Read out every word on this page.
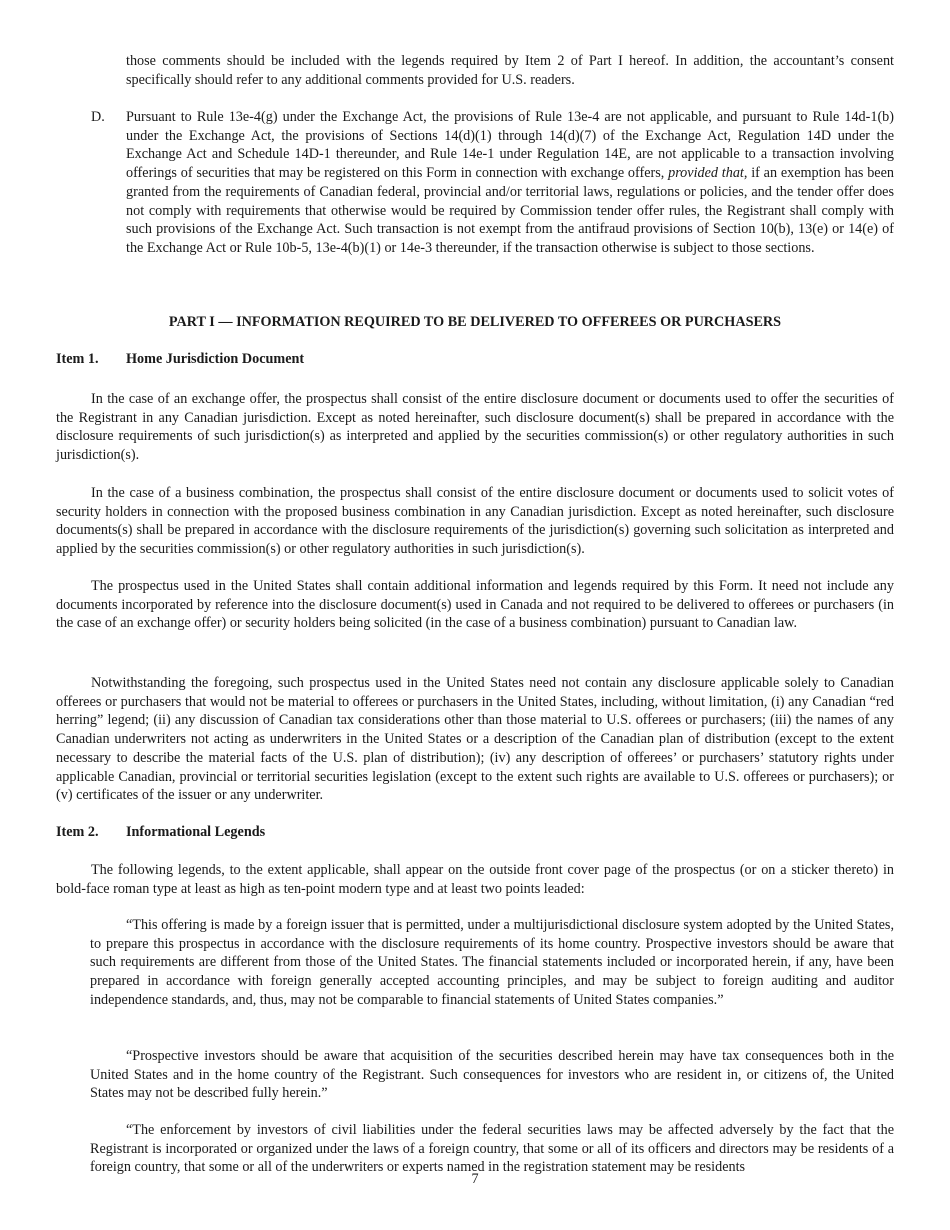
those comments should be included with the legends required by Item 2 of Part I hereof. In addition, the accountant’s consent specifically should refer to any additional comments provided for U.S. readers.

D. Pursuant to Rule 13e-4(g) under the Exchange Act, the provisions of Rule 13e-4 are not applicable, and pursuant to Rule 14d-1(b) under the Exchange Act, the provisions of Sections 14(d)(1) through 14(d)(7) of the Exchange Act, Regulation 14D under the Exchange Act and Schedule 14D-1 thereunder, and Rule 14e-1 under Regulation 14E, are not applicable to a transaction involving offerings of securities that may be registered on this Form in connection with exchange offers, provided that, if an exemption has been granted from the requirements of Canadian federal, provincial and/or territorial laws, regulations or policies, and the tender offer does not comply with requirements that otherwise would be required by Commission tender offer rules, the Registrant shall comply with such provisions of the Exchange Act. Such transaction is not exempt from the antifraud provisions of Section 10(b), 13(e) or 14(e) of the Exchange Act or Rule 10b-5, 13e-4(b)(1) or 14e-3 thereunder, if the transaction otherwise is subject to those sections.

PART I — INFORMATION REQUIRED TO BE DELIVERED TO OFFEREES OR PURCHASERS
Item 1. Home Jurisdiction Document

In the case of an exchange offer, the prospectus shall consist of the entire disclosure document or documents used to offer the securities of the Registrant in any Canadian jurisdiction. Except as noted hereinafter, such disclosure document(s) shall be prepared in accordance with the disclosure requirements of such jurisdiction(s) as interpreted and applied by the securities commission(s) or other regulatory authorities in such jurisdiction(s).

In the case of a business combination, the prospectus shall consist of the entire disclosure document or documents used to solicit votes of security holders in connection with the proposed business combination in any Canadian jurisdiction. Except as noted hereinafter, such disclosure documents(s) shall be prepared in accordance with the disclosure requirements of the jurisdiction(s) governing such solicitation as interpreted and applied by the securities commission(s) or other regulatory authorities in such jurisdiction(s).

The prospectus used in the United States shall contain additional information and legends required by this Form. It need not include any documents incorporated by reference into the disclosure document(s) used in Canada and not required to be delivered to offerees or purchasers (in the case of an exchange offer) or security holders being solicited (in the case of a business combination) pursuant to Canadian law.

Notwithstanding the foregoing, such prospectus used in the United States need not contain any disclosure applicable solely to Canadian offerees or purchasers that would not be material to offerees or purchasers in the United States, including, without limitation, (i) any Canadian “red herring” legend; (ii) any discussion of Canadian tax considerations other than those material to U.S. offerees or purchasers; (iii) the names of any Canadian underwriters not acting as underwriters in the United States or a description of the Canadian plan of distribution (except to the extent necessary to describe the material facts of the U.S. plan of distribution); (iv) any description of offerees’ or purchasers’ statutory rights under applicable Canadian, provincial or territorial securities legislation (except to the extent such rights are available to U.S. offerees or purchasers); or (v) certificates of the issuer or any underwriter.

Item 2. Informational Legends

The following legends, to the extent applicable, shall appear on the outside front cover page of the prospectus (or on a sticker thereto) in bold-face roman type at least as high as ten-point modern type and at least two points leaded:

“This offering is made by a foreign issuer that is permitted, under a multijurisdictional disclosure system adopted by the United States, to prepare this prospectus in accordance with the disclosure requirements of its home country. Prospective investors should be aware that such requirements are different from those of the United States. The financial statements included or incorporated herein, if any, have been prepared in accordance with foreign generally accepted accounting principles, and may be subject to foreign auditing and auditor independence standards, and, thus, may not be comparable to financial statements of United States companies.”

“Prospective investors should be aware that acquisition of the securities described herein may have tax consequences both in the United States and in the home country of the Registrant. Such consequences for investors who are resident in, or citizens of, the United States may not be described fully herein.”

“The enforcement by investors of civil liabilities under the federal securities laws may be affected adversely by the fact that the Registrant is incorporated or organized under the laws of a foreign country, that some or all of its officers and directors may be residents of a foreign country, that some or all of the underwriters or experts named in the registration statement may be residents

7
